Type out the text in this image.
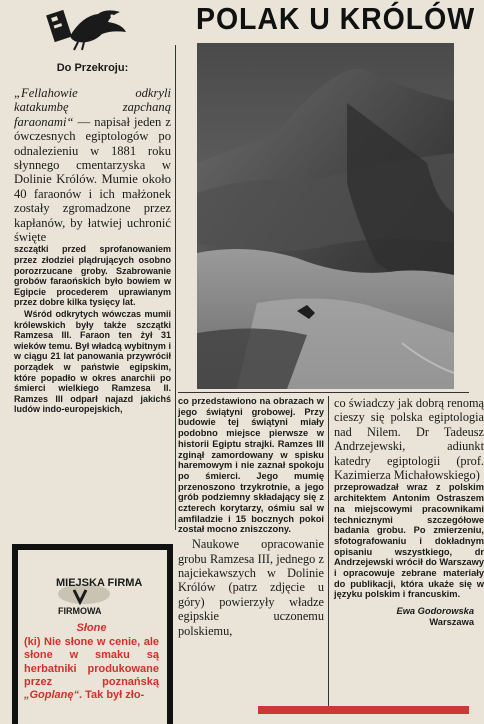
POLAK U KRÓLÓW
Do Przekroju:
„Fellahowie odkryli katakumbę zapchaną faraonami“ — napisał jeden z ówczesnych egiptologów po odnalezieniu w 1881 roku słynnego cmentarzyska w Dolinie Królów. Mumie około 40 faraonów i ich małżonek zostały zgromadzone przez kapłanów, by łatwiej uchronić święte
szczątki przed sprofanowaniem przez złodziei plądrujących osobno porozrzucane groby. Szabrowanie grobów faraońskich było bowiem w Egipcie procederem uprawianym przez dobre kilka tysięcy lat.
Wśród odkrytych wówczas mumii królewskich były także szczątki Ramzesa III. Faraon ten żył 31 wieków temu. Był władcą wybitnym i w ciągu 21 lat panowania przywrócił porządek w państwie egipskim, które popadło w okres anarchii po śmierci wielkiego Ramzesa II. Ramzes III odparł najazd jakichś ludów indo-europejskich,
MIEJSKA FIRMA
FIRMOWA
Słone
(ki) Nie słone w cenie, ale słone w smaku są herbatniki produkowane przez poznańską „Goplanę“. Tak był zło-
co przedstawiono na obrazach w jego świątyni grobowej. Przy budowie tej świątyni miały podobno miejsce pierwsze w historii Egiptu strajki. Ramzes III zginął zamordowany w spisku haremowym i nie zaznał spokoju po śmierci. Jego mumię przenoszono trzykrotnie, a jego grób podziemny składający się z czterech korytarzy, ośmiu sal w amfiladzie i 15 bocznych pokoi został mocno zniszczony.
Naukowe opracowanie grobu Ramzesa III, jednego z najciekawszych w Dolinie Królów (patrz zdjęcie u góry) powierzyły władze egipskie uczonemu polskiemu,
co świadczy jak dobrą renomą cieszy się polska egiptologia nad Nilem. Dr Tadeusz Andrzejewski, adiunkt katedry egiptologii (prof. Kazimierza Michałowskiego)
przeprowadzał wraz z polskim architektem Antonim Ostraszem na miejscowymi pracownikami technicznymi szczegółowe badania grobu. Po zmierzeniu, sfotografowaniu i dokładnym opisaniu wszystkiego, dr Andrzejewski wrócił do Warszawy i opracowuje zebrane materiały do publikacji, która ukaże się w języku polskim i francuskim.
Ewa Godorowska
Warszawa
